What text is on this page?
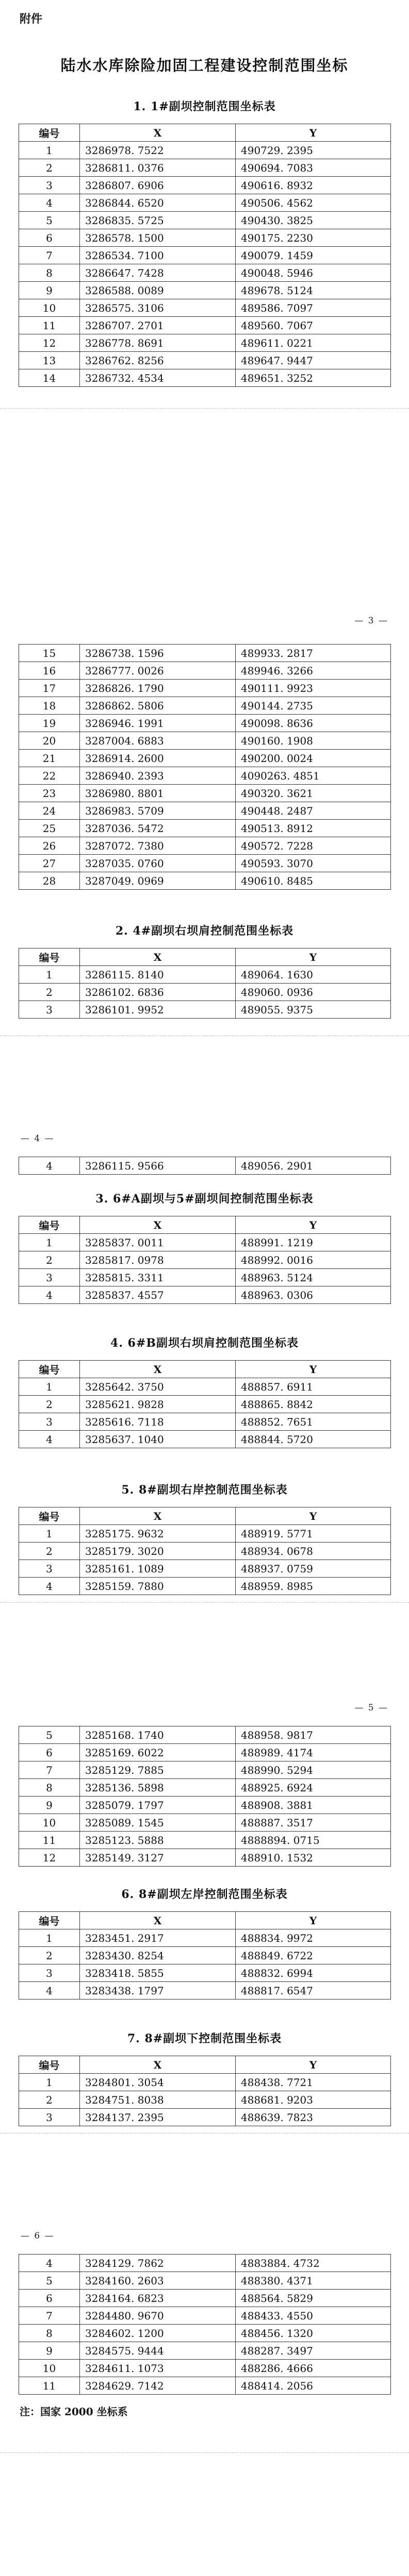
附件
陆水水库除险加固工程建设控制范围坐标
1. 1#副坝控制范围坐标表
编号	X	Y
1	3286978. 7522	490729. 2395
2	3286811. 0376	490694. 7083
3	3286807. 6906	490616. 8932
4	3286844. 6520	490506. 4562
5	3286835. 5725	490430. 3825
6	3286578. 1500	490175. 2230
7	3286534. 7100	490079. 1459
8	3286647. 7428	490048. 5946
9	3286588. 0089	489678. 5124
10	3286575. 3106	489586. 7097
11	3286707. 2701	489560. 7067
12	3286778. 8691	489611. 0221
13	3286762. 8256	489647. 9447
14	3286732. 4534	489651. 3252
— 3 —
15	3286738. 1596	489933. 2817
16	3286777. 0026	489946. 3266
17	3286826. 1790	490111. 9923
18	3286862. 5806	490144. 2735
19	3286946. 1991	490098. 8636
20	3287004. 6883	490160. 1908
21	3286914. 2600	490200. 0024
22	3286940. 2393	4090263. 4851
23	3286980. 8801	490320. 3621
24	3286983. 5709	490448. 2487
25	3287036. 5472	490513. 8912
26	3287072. 7380	490572. 7228
27	3287035. 0760	490593. 3070
28	3287049. 0969	490610. 8485
2. 4#副坝右坝肩控制范围坐标表
编号	X	Y
1	3286115. 8140	489064. 1630
2	3286102. 6836	489060. 0936
3	3286101. 9952	489055. 9375
— 4 —
4	3286115. 9566	489056. 2901
3. 6#A副坝与5#副坝间控制范围坐标表
编号	X	Y
1	3285837. 0011	488991. 1219
2	3285817. 0978	488992. 0016
3	3285815. 3311	488963. 5124
4	3285837. 4557	488963. 0306
4. 6#B副坝右坝肩控制范围坐标表
编号	X	Y
1	3285642. 3750	488857. 6911
2	3285621. 9828	488865. 8842
3	3285616. 7118	488852. 7651
4	3285637. 1040	488844. 5720
5. 8#副坝右岸控制范围坐标表
编号	X	Y
1	3285175. 9632	488919. 5771
2	3285179. 3020	488934. 0678
3	3285161. 1089	488937. 0759
4	3285159. 7880	488959. 8985
— 5 —
5	3285168. 1740	488958. 9817
6	3285169. 6022	488989. 4174
7	3285129. 7885	488990. 5294
8	3285136. 5898	488925. 6924
9	3285079. 1797	488908. 3881
10	3285089. 1545	488887. 3517
11	3285123. 5888	4888894. 0715
12	3285149. 3127	488910. 1532
6. 8#副坝左岸控制范围坐标表
编号	X	Y
1	3283451. 2917	488834. 9972
2	3283430. 8254	488849. 6722
3	3283418. 5855	488832. 6994
4	3283438. 1797	488817. 6547
7. 8#副坝下控制范围坐标表
编号	X	Y
1	3284801. 3054	488438. 7721
2	3284751. 8038	488681. 9203
3	3284137. 2395	488639. 7823
— 6 —
4	3284129. 7862	4883884. 4732
5	3284160. 2603	488380. 4371
6	3284164. 6823	488564. 5829
7	3284480. 9670	488433. 4550
8	3284602. 1200	488456. 1320
9	3284575. 9444	488287. 3497
10	3284611. 1073	488286. 4666
11	3284629. 7142	488414. 2056
注：国家 2000 坐标系
